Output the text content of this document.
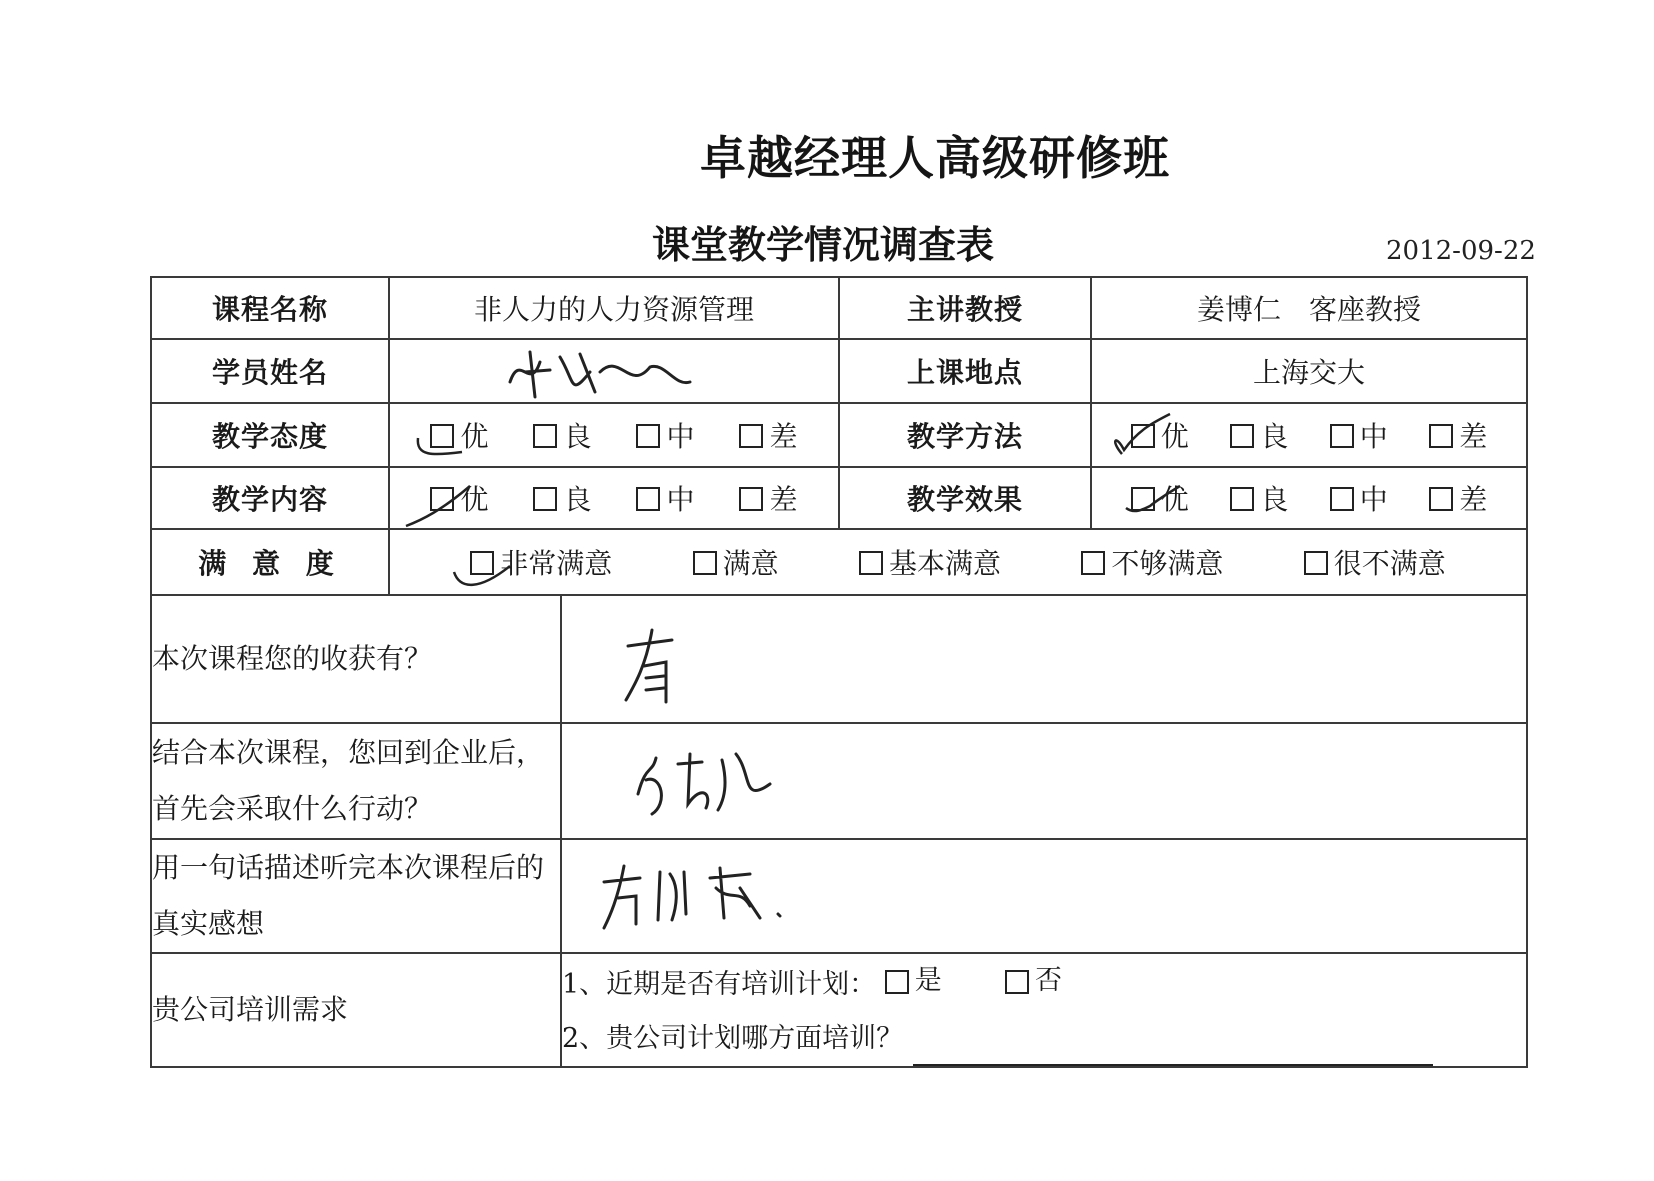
卓越经理人高级研修班
课堂教学情况调查表	2012-09-22
课程名称	非人力的人力资源管理		主讲教授	姜博仁　客座教授
学员姓名			上课地点	上海交大
教学态度	优 良 中 差		教学方法	优 良 中 差

教学内容	优 良 中 差		教学效果	优 良 中 差

满 意 度	非常满意 满意 基本满意 不够满意 很不满意			

本次课程您的收获有？	

结合本次课程，您回到企业后，首先会采取什么行动？	

用一句话描述听完本次课程后的真实感想	

贵公司培训需求		1、近期是否有培训计划： 是
否
2、贵公司计划哪方面培训？		
